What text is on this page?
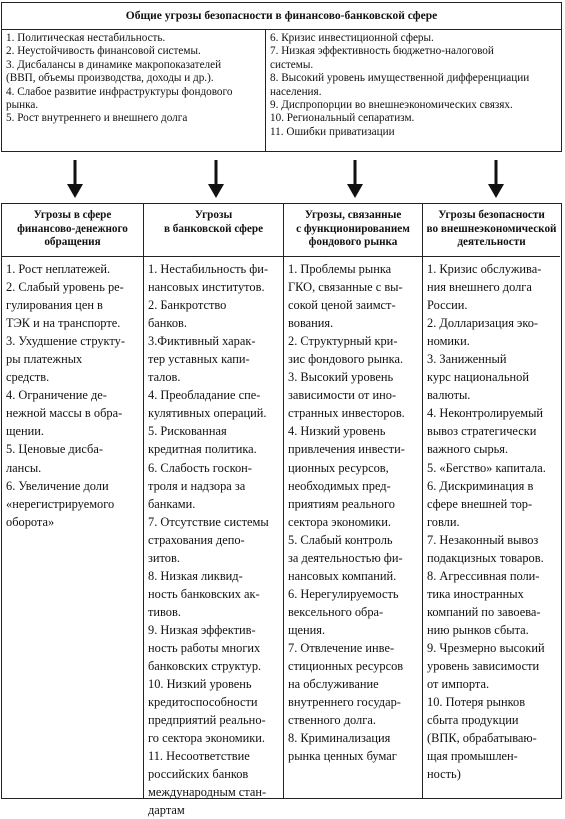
Общие угрозы безопасности в финансово-банковской сфере
1. Политическая нестабильность.
2. Неустойчивость финансовой системы.
3. Дисбалансы в динамике макропоказателей
(ВВП, объемы производства, доходы и др.).
4. Слабое развитие инфраструктуры фондового
рынка.
5. Рост внутреннего и внешнего долга
6. Кризис инвестиционной сферы.
7. Низкая эффективность бюджетно-налоговой
системы.
8. Высокий уровень имущественной дифференциации
населения.
9. Диспропорции во внешнеэкономических связях.
10. Региональный сепаратизм.
11. Ошибки приватизации
Угрозы в сфере
финансово-денежного
обращения
1. Рост неплатежей.
2. Слабый уровень ре-
гулирования цен в
ТЭК и на транспорте.
3. Ухудшение структу-
ры платежных
средств.
4. Ограничение де-
нежной массы в обра-
щении.
5. Ценовые дисба-
лансы.
6. Увеличение доли
«нерегистрируемого
оборота»
Угрозы
в банковской сфере
1. Нестабильность фи-
нансовых институтов.
2. Банкротство
банков.
3.Фиктивный харак-
тер уставных капи-
талов.
4. Преобладание спе-
кулятивных операций.
5. Рискованная
кредитная политика.
6. Слабость госкон-
троля и надзора за
банками.
7. Отсутствие системы
страхования депо-
зитов.
8. Низкая ликвид-
ность банковских ак-
тивов.
9. Низкая эффектив-
ность работы многих
банковских структур.
10. Низкий уровень
кредитоспособности
предприятий реально-
го сектора экономики.
11. Несоответствие
российских банков
международным стан-
дартам
Угрозы, связанные
с функционированием
фондового рынка
1. Проблемы рынка
ГКО, связанные с вы-
сокой ценой заимст-
вования.
2. Структурный кри-
зис фондового рынка.
3. Высокий уровень
зависимости от ино-
странных инвесторов.
4. Низкий уровень
привлечения инвести-
ционных ресурсов,
необходимых пред-
приятиям реального
сектора экономики.
5. Слабый контроль
за деятельностью фи-
нансовых компаний.
6. Нерегулируемость
вексельного обра-
щения.
7. Отвлечение инве-
стиционных ресурсов
на обслуживание
внутреннего государ-
ственного долга.
8. Криминализация
рынка ценных бумаг
Угрозы безопасности
во внешнеэкономической
деятельности
1. Кризис обслужива-
ния внешнего долга
России.
2. Долларизация эко-
номики.
3. Заниженный
курс национальной
валюты.
4. Неконтролируемый
вывоз стратегически
важного сырья.
5. «Бегство» капитала.
6. Дискриминация в
сфере внешней тор-
говли.
7. Незаконный вывоз
подакцизных товаров.
8. Агрессивная поли-
тика иностранных
компаний по завоева-
нию рынков сбыта.
9. Чрезмерно высокий
уровень зависимости
от импорта.
10. Потеря рынков
сбыта продукции
(ВПК, обрабатываю-
щая промышлен-
ность)
